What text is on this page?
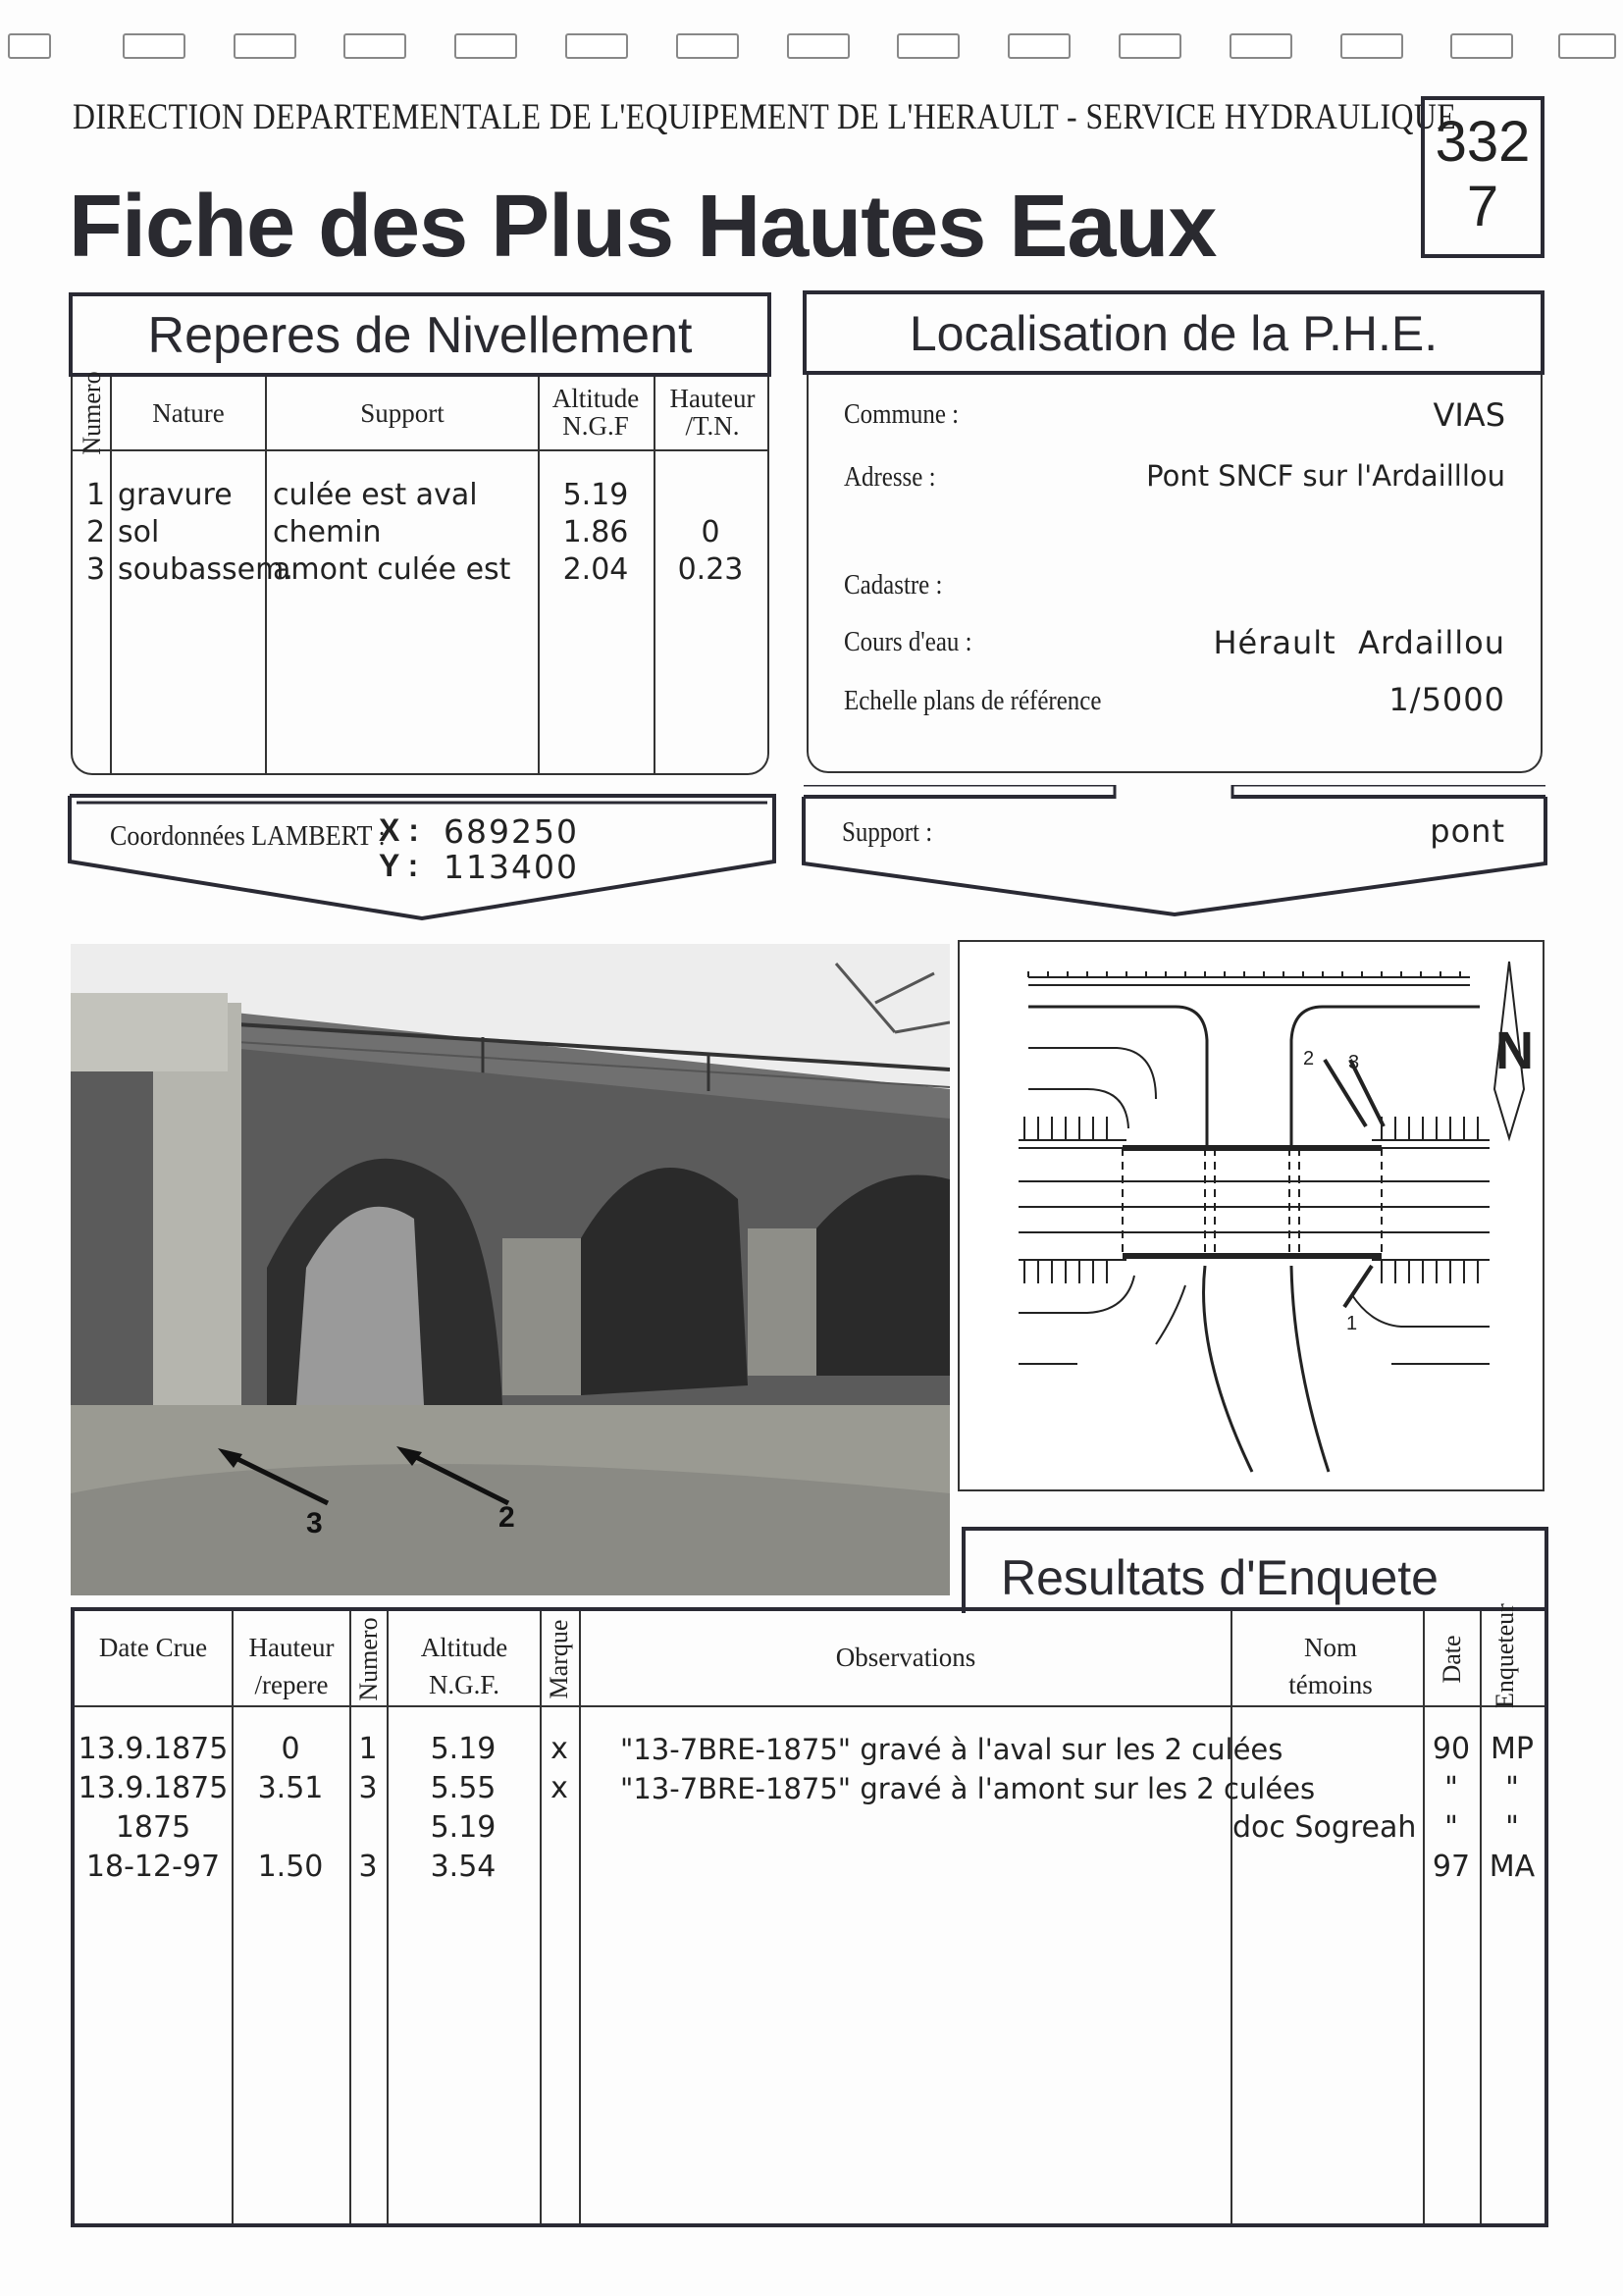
DIRECTION DEPARTEMENTALE DE L'EQUIPEMENT DE L'HERAULT - SERVICE HYDRAULIQUE
Fiche des Plus Hautes Eaux
332
7
Reperes de Nivellement
Numero	Nature	Support	Altitude N.G.F
Hauteur /T.N.
1 gravure culée est aval	5.19
2 sol	chemin	1.86	0
3 soubassem.
amont culée est	2.04	0.23
Coordonnées LAMBERT :
X : 689250
Y : 113400
Localisation de la P.H.E.
Commune :	VIAS
Adresse :	Pont SNCF sur l'Ardailllou
Cadastre :
Cours d'eau :	Hérault  Ardaillou
Echelle plans de référence	1/5000
Support :	pont
3	2
N
2 3
1
Resultats d'Enquete
Date Crue	Hauteur /repere	Numero	Altitude N.G.F.	Marque	Observations	Nom témoins
Date Enqueteur
13.9.1875	0	1	5.19	x	"13-7BRE-1875" gravé à l'aval sur les 2 culées	90 MP
13.9.1875	3.51	3	5.55	x	"13-7BRE-1875" gravé à l'amont sur les 2 culées	"	"
1875	5.19	doc Sogreah "	"
18-12-97	1.50	3	3.54	97 MA
